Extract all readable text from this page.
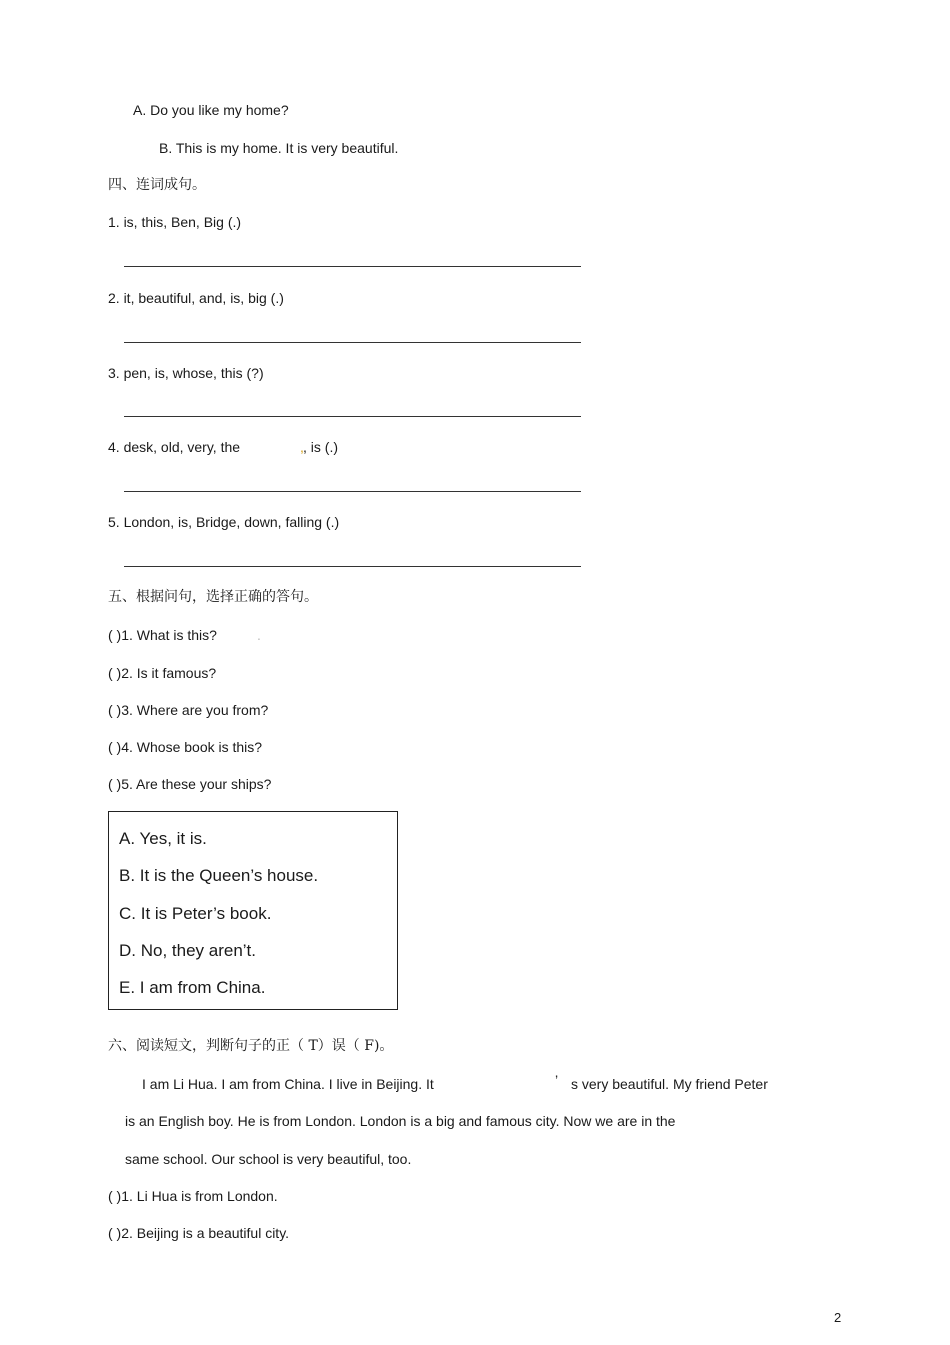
A. Do you like my home?
B. This is my home. It is very beautiful.
四、连词成句。
1. is, this, Ben, Big (.)
2. it, beautiful, and, is, big (.)
3. pen, is, whose, this (?)
4. desk, old, very, the	, , is (.)
5. London, is, Bridge, down, falling (.)
五、根据问句，选择正确的答句。
( )1. What is this?	.
( )2. Is it famous?
( )3. Where are you from?
( )4. Whose book is this?
( )5. Are these your ships?
A. Yes, it is.
B. It is the Queen’s house.
C. It is Peter’s book.
D. No, they aren’t.
E. I am from China.
六、阅读短文，判断句子的正（ T）误（ F)。
I am Li Hua. I am from China. I live in Beijing. It	’ s very beautiful. My friend Peter
is an English boy. He is from London. London is a big and famous city. Now we are in the
same school. Our school is very beautiful, too.
( )1. Li Hua is from London.
( )2. Beijing is a beautiful city.
2
